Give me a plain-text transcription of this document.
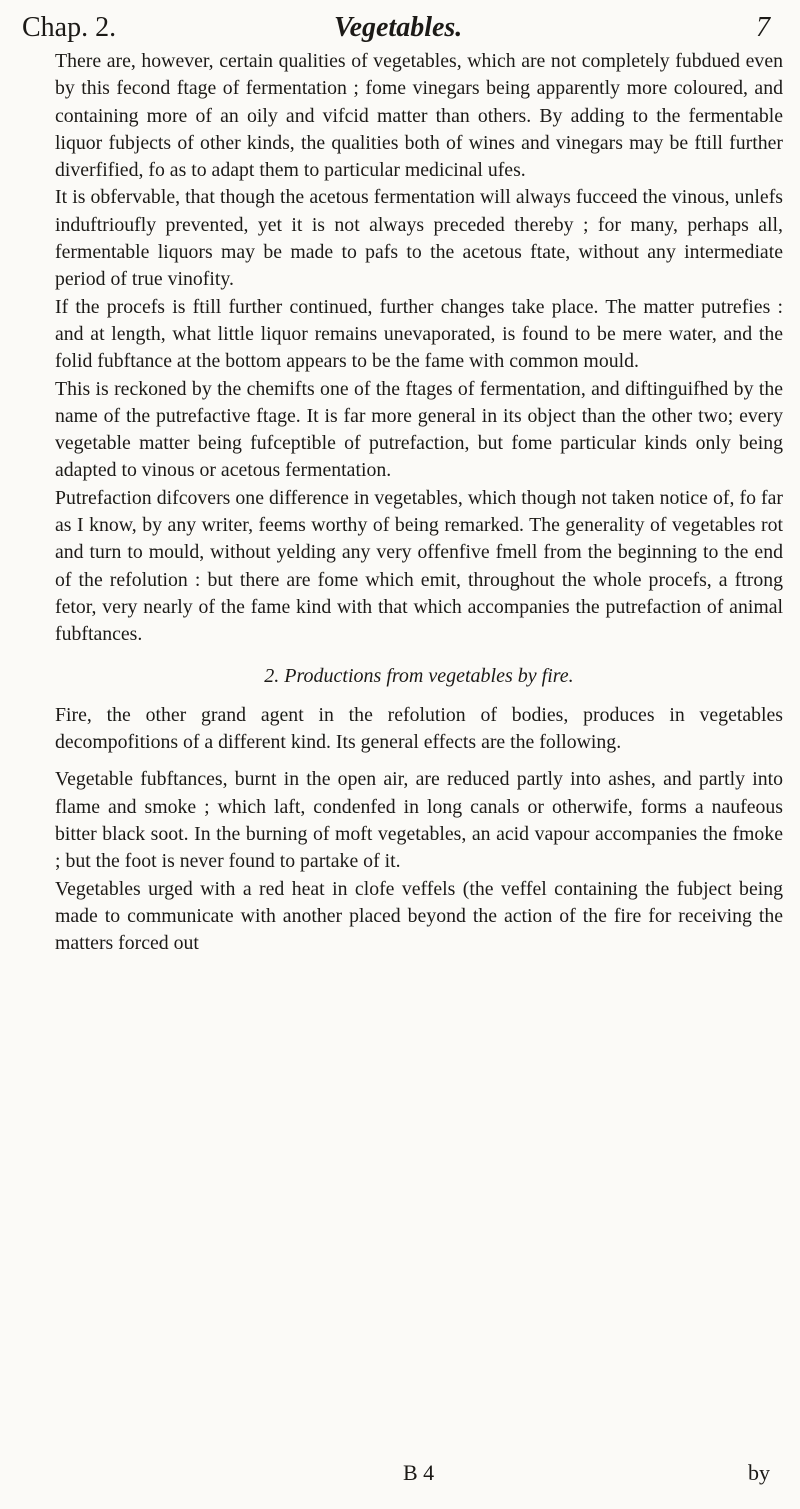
Chap. 2.	Vegetables.	7

There are, however, certain qualities of vegetables, which are not completely fubdued even by this fecond ftage of fermentation ; fome vinegars being apparently more coloured, and containing more of an oily and vifcid matter than others. By adding to the fermentable liquor fubjects of other kinds, the qualities both of wines and vinegars may be ftill further diverfified, fo as to adapt them to particular medicinal ufes.

It is obfervable, that though the acetous fermentation will always fucceed the vinous, unlefs induftrioufly prevented, yet it is not always preceded thereby ; for many, perhaps all, fermentable liquors may be made to pafs to the acetous ftate, without any intermediate period of true vinofity.

If the procefs is ftill further continued, further changes take place. The matter putrefies : and at length, what little liquor remains unevaporated, is found to be mere water, and the folid fubftance at the bottom appears to be the fame with common mould.

This is reckoned by the chemifts one of the ftages of fermentation, and diftinguifhed by the name of the putrefactive ftage. It is far more general in its object than the other two; every vegetable matter being fufceptible of putrefaction, but fome particular kinds only being adapted to vinous or acetous fermentation.

Putrefaction difcovers one difference in vegetables, which though not taken notice of, fo far as I know, by any writer, feems worthy of being remarked. The generality of vegetables rot and turn to mould, without yelding any very offenfive fmell from the beginning to the end of the refolution : but there are fome which emit, throughout the whole procefs, a ftrong fetor, very nearly of the fame kind with that which accompanies the putrefaction of animal fubftances.

2. Productions from vegetables by fire.

Fire, the other grand agent in the refolution of bodies, produces in vegetables decompofitions of a different kind. Its general effects are the following.

Vegetable fubftances, burnt in the open air, are reduced partly into ashes, and partly into flame and smoke ; which laft, condenfed in long canals or otherwife, forms a naufeous bitter black soot. In the burning of moft vegetables, an acid vapour accompanies the fmoke ; but the foot is never found to partake of it.

Vegetables urged with a red heat in clofe veffels (the veffel containing the fubject being made to communicate with another placed beyond the action of the fire for receiving the matters forced out

B 4	by
